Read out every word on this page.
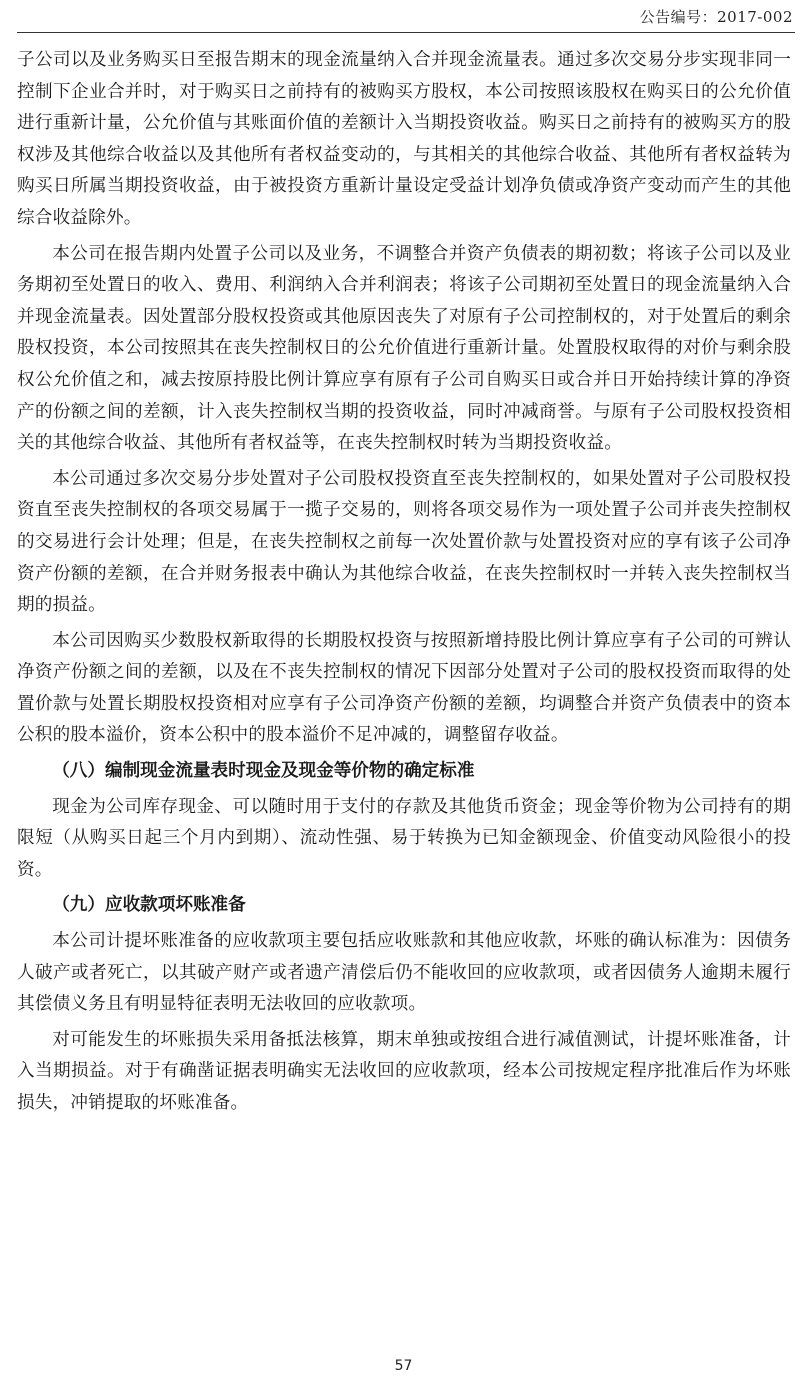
公告编号：2017-002

子公司以及业务购买日至报告期末的现金流量纳入合并现金流量表。通过多次交易分步实现非同一控制下企业合并时，对于购买日之前持有的被购买方股权，本公司按照该股权在购买日的公允价值进行重新计量，公允价值与其账面价值的差额计入当期投资收益。购买日之前持有的被购买方的股权涉及其他综合收益以及其他所有者权益变动的，与其相关的其他综合收益、其他所有者权益转为购买日所属当期投资收益，由于被投资方重新计量设定受益计划净负债或净资产变动而产生的其他综合收益除外。

本公司在报告期内处置子公司以及业务，不调整合并资产负债表的期初数；将该子公司以及业务期初至处置日的收入、费用、利润纳入合并利润表；将该子公司期初至处置日的现金流量纳入合并现金流量表。因处置部分股权投资或其他原因丧失了对原有子公司控制权的，对于处置后的剩余股权投资，本公司按照其在丧失控制权日的公允价值进行重新计量。处置股权取得的对价与剩余股权公允价值之和，减去按原持股比例计算应享有原有子公司自购买日或合并日开始持续计算的净资产的份额之间的差额，计入丧失控制权当期的投资收益，同时冲减商誉。与原有子公司股权投资相关的其他综合收益、其他所有者权益等，在丧失控制权时转为当期投资收益。

本公司通过多次交易分步处置对子公司股权投资直至丧失控制权的，如果处置对子公司股权投资直至丧失控制权的各项交易属于一揽子交易的，则将各项交易作为一项处置子公司并丧失控制权的交易进行会计处理；但是，在丧失控制权之前每一次处置价款与处置投资对应的享有该子公司净资产份额的差额，在合并财务报表中确认为其他综合收益，在丧失控制权时一并转入丧失控制权当期的损益。

本公司因购买少数股权新取得的长期股权投资与按照新增持股比例计算应享有子公司的可辨认净资产份额之间的差额，以及在不丧失控制权的情况下因部分处置对子公司的股权投资而取得的处置价款与处置长期股权投资相对应享有子公司净资产份额的差额，均调整合并资产负债表中的资本公积的股本溢价，资本公积中的股本溢价不足冲减的，调整留存收益。

（八）编制现金流量表时现金及现金等价物的确定标准

现金为公司库存现金、可以随时用于支付的存款及其他货币资金；现金等价物为公司持有的期限短（从购买日起三个月内到期）、流动性强、易于转换为已知金额现金、价值变动风险很小的投资。

（九）应收款项坏账准备

本公司计提坏账准备的应收款项主要包括应收账款和其他应收款，坏账的确认标准为：因债务人破产或者死亡，以其破产财产或者遗产清偿后仍不能收回的应收款项，或者因债务人逾期未履行其偿债义务且有明显特征表明无法收回的应收款项。

对可能发生的坏账损失采用备抵法核算，期末单独或按组合进行减值测试，计提坏账准备，计入当期损益。对于有确凿证据表明确实无法收回的应收款项，经本公司按规定程序批准后作为坏账损失，冲销提取的坏账准备。

57
